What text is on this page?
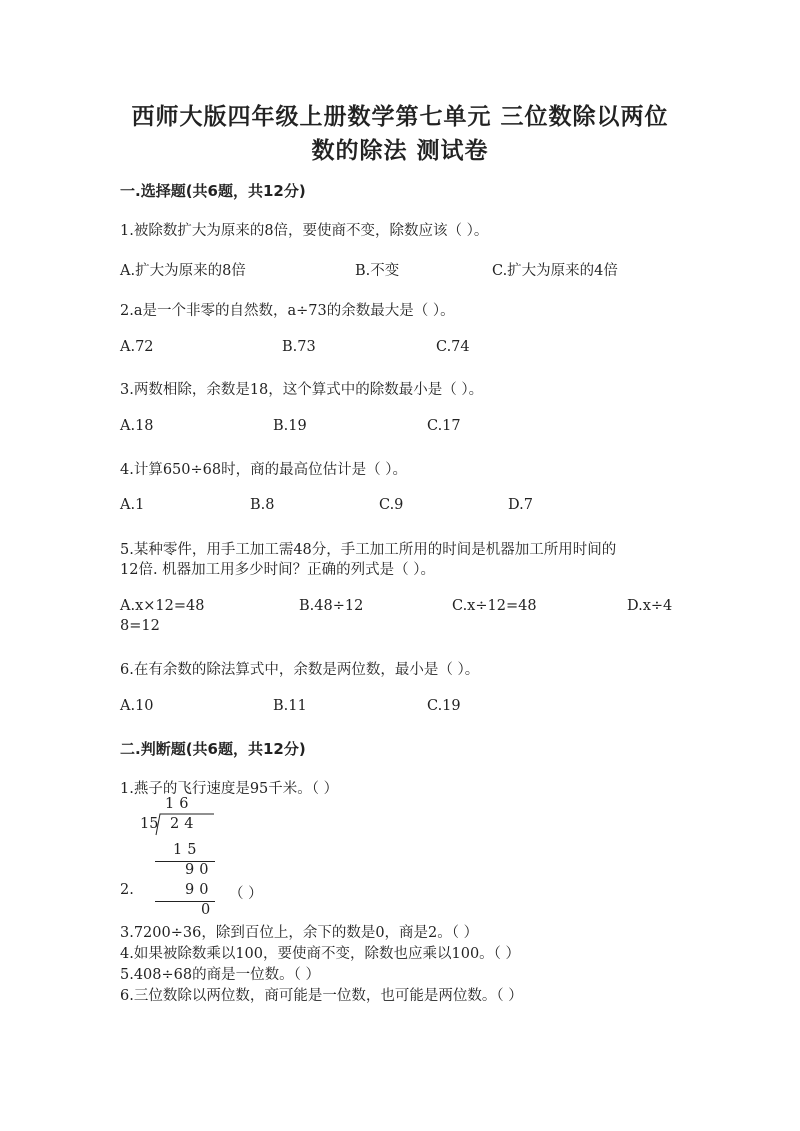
西师大版四年级上册数学第七单元 三位数除以两位
数的除法 测试卷
一.选择题(共6题，共12分)
1.被除数扩大为原来的8倍，要使商不变，除数应该（ ）。
A.扩大为原来的8倍	B.不变	C.扩大为原来的4倍
2.a是一个非零的自然数，a÷73的余数最大是（ ）。
A.72	B.73	C.74
3.两数相除，余数是18，这个算式中的除数最小是（ ）。
A.18	B.19	C.17
4.计算650÷68时，商的最高位估计是（ ）。
A.1	B.8	C.9	D.7
5.某种零件，用手工加工需48分，手工加工所用的时间是机器加工所用时间的
12倍. 机器加工用多少时间？正确的列式是（ ）。
A.x×12=48	B.48÷12	C.x÷12=48	D.x÷4
8=12
6.在有余数的除法算式中，余数是两位数，最小是（ ）。
A.10	B.11	C.19
二.判断题(共6题，共12分)
1.燕子的飞行速度是95千米。（ ）
16
15 24
15
90
90
0
2.	（ ）
3.7200÷36，除到百位上，余下的数是0，商是2。（ ）
4.如果被除数乘以100，要使商不变，除数也应乘以100。（ ）
5.408÷68的商是一位数。（ ）
6.三位数除以两位数，商可能是一位数，也可能是两位数。（ ）
